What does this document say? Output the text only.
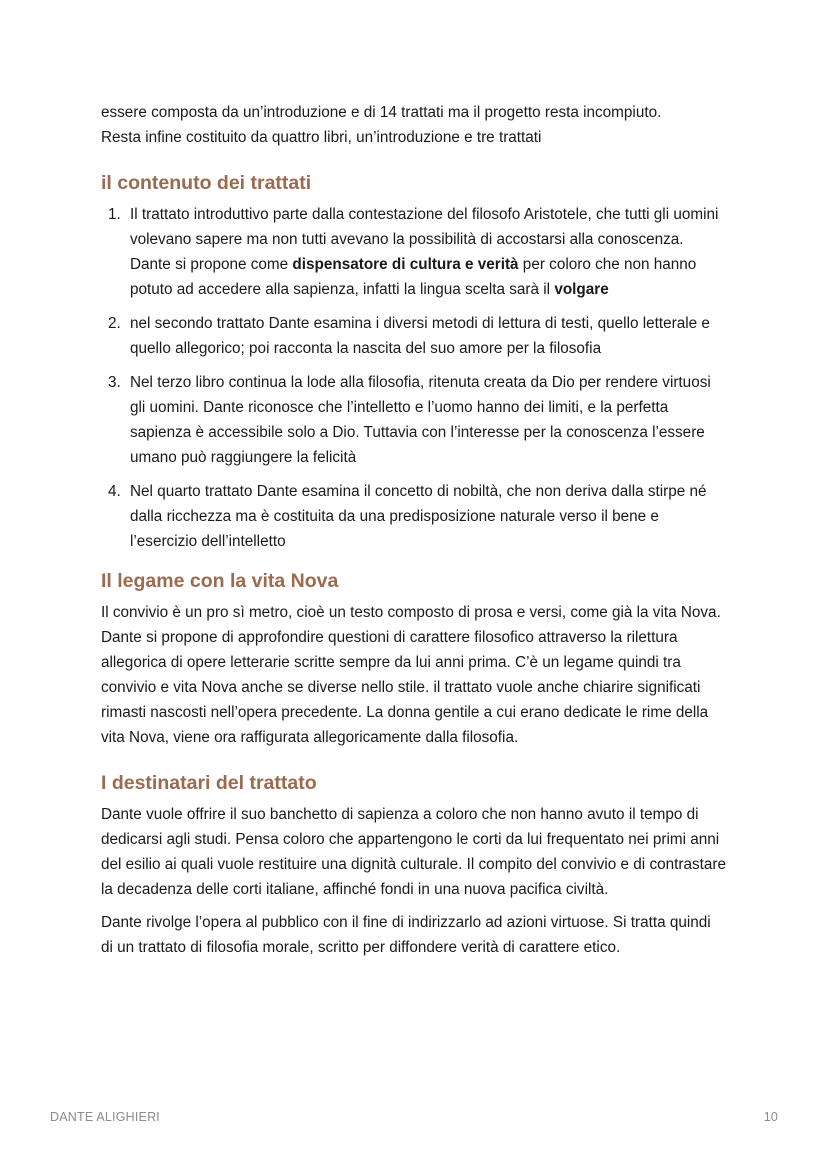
essere composta da un’introduzione e di 14 trattati ma il progetto resta incompiuto.
Resta infine costituito da quattro libri, un’introduzione e tre trattati

il contenuto dei trattati
1. Il trattato introduttivo parte dalla contestazione del filosofo Aristotele, che tutti gli uomini volevano sapere ma non tutti avevano la possibilità di accostarsi alla conoscenza. Dante si propone come dispensatore di cultura e verità per coloro che non hanno potuto ad accedere alla sapienza, infatti la lingua scelta sarà il volgare
2. nel secondo trattato Dante esamina i diversi metodi di lettura di testi, quello letterale e quello allegorico; poi racconta la nascita del suo amore per la filosofia
3. Nel terzo libro continua la lode alla filosofia, ritenuta creata da Dio per rendere virtuosi gli uomini. Dante riconosce che l’intelletto e l’uomo hanno dei limiti, e la perfetta sapienza è accessibile solo a Dio. Tuttavia con l’interesse per la conoscenza l’essere umano può raggiungere la felicità
4. Nel quarto trattato Dante esamina il concetto di nobiltà, che non deriva dalla stirpe né dalla ricchezza ma è costituita da una predisposizione naturale verso il bene e l’esercizio dell’intelletto
Il legame con la vita Nova

Il convivio è un pro sì metro, cioè un testo composto di prosa e versi, come già la vita Nova. Dante si propone di approfondire questioni di carattere filosofico attraverso la rilettura allegorica di opere letterarie scritte sempre da lui anni prima. C’è un legame quindi tra convivio e vita Nova anche se diverse nello stile. il trattato vuole anche chiarire significati rimasti nascosti nell’opera precedente. La donna gentile a cui erano dedicate le rime della vita Nova, viene ora raffigurata allegoricamente dalla filosofia.

I destinatari del trattato

Dante vuole offrire il suo banchetto di sapienza a coloro che non hanno avuto il tempo di dedicarsi agli studi. Pensa coloro che appartengono le corti da lui frequentato nei primi anni del esilio ai quali vuole restituire una dignità culturale. Il compito del convivio e di contrastare la decadenza delle corti italiane, affinché fondi in una nuova pacifica civiltà.

Dante rivolge l’opera al pubblico con il fine di indirizzarlo ad azioni virtuose. Si tratta quindi di un trattato di filosofia morale, scritto per diffondere verità di carattere etico.

DANTE ALIGHIERI	10
